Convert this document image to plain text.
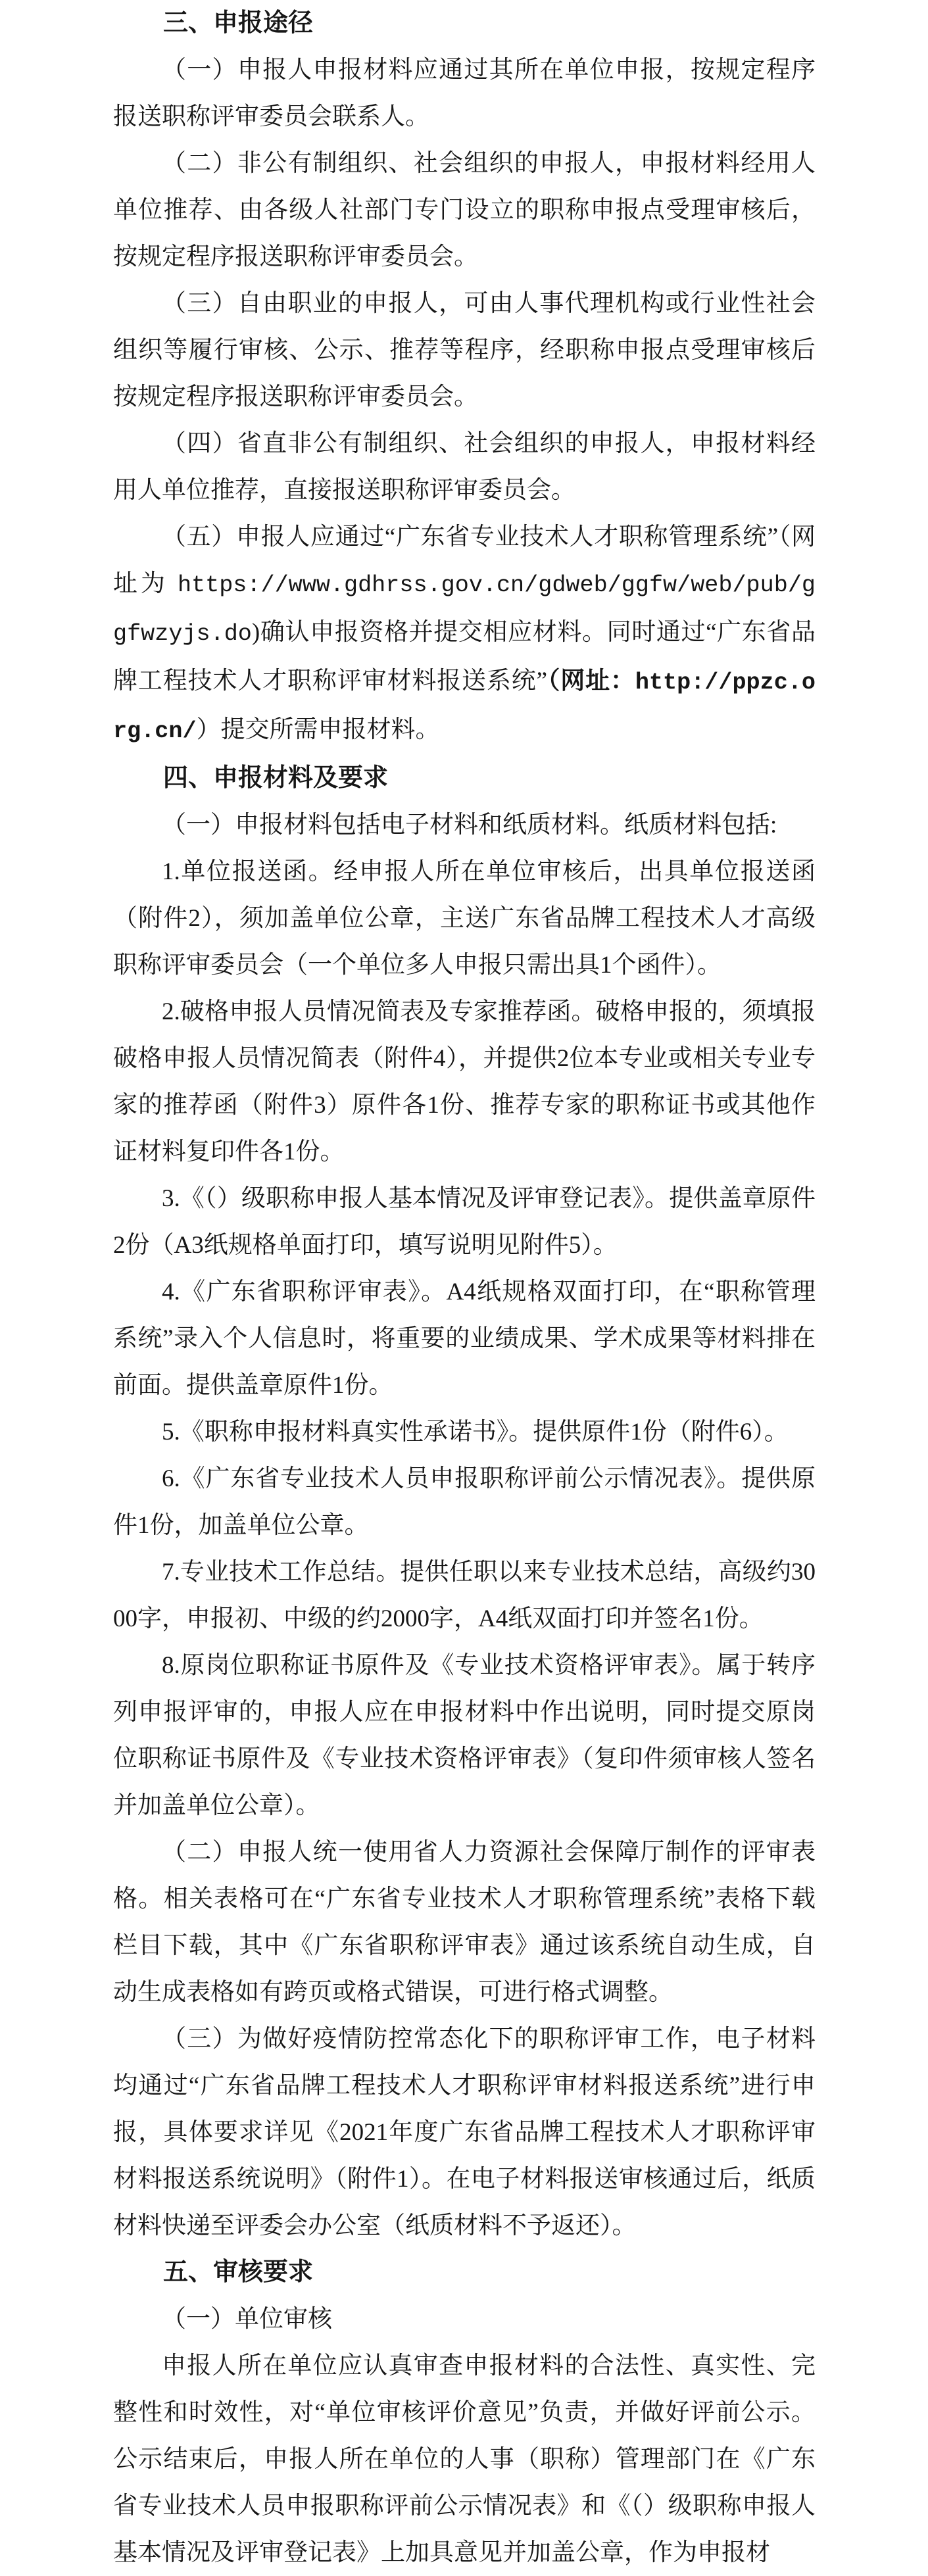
三、申报途径

（一）申报人申报材料应通过其所在单位申报，按规定程序报送职称评审委员会联系人。

（二）非公有制组织、社会组织的申报人，申报材料经用人单位推荐、由各级人社部门专门设立的职称申报点受理审核后，按规定程序报送职称评审委员会。

（三）自由职业的申报人，可由人事代理机构或行业性社会组织等履行审核、公示、推荐等程序，经职称申报点受理审核后按规定程序报送职称评审委员会。

（四）省直非公有制组织、社会组织的申报人，申报材料经用人单位推荐，直接报送职称评审委员会。

（五）申报人应通过“广东省专业技术人才职称管理系统”（网址为 https://www.gdhrss.gov.cn/gdweb/ggfw/web/pub/ggfwzyjs.do)确认申报资格并提交相应材料。同时通过“广东省品牌工程技术人才职称评审材料报送系统”（网址：http://ppzc.org.cn/）提交所需申报材料。

四、申报材料及要求

（一）申报材料包括电子材料和纸质材料。纸质材料包括:

1.单位报送函。经申报人所在单位审核后，出具单位报送函（附件2），须加盖单位公章，主送广东省品牌工程技术人才高级职称评审委员会（一个单位多人申报只需出具1个函件）。

2.破格申报人员情况简表及专家推荐函。破格申报的，须填报破格申报人员情况简表（附件4），并提供2位本专业或相关专业专家的推荐函（附件3）原件各1份、推荐专家的职称证书或其他作证材料复印件各1份。

3.《（）级职称申报人基本情况及评审登记表》。提供盖章原件2份（A3纸规格单面打印，填写说明见附件5）。

4.《广东省职称评审表》。A4纸规格双面打印，在“职称管理系统”录入个人信息时，将重要的业绩成果、学术成果等材料排在前面。提供盖章原件1份。

5.《职称申报材料真实性承诺书》。提供原件1份（附件6）。

6.《广东省专业技术人员申报职称评前公示情况表》。提供原件1份，加盖单位公章。

7.专业技术工作总结。提供任职以来专业技术总结，高级约3000字，申报初、中级的约2000字，A4纸双面打印并签名1份。

8.原岗位职称证书原件及《专业技术资格评审表》。属于转序列申报评审的，申报人应在申报材料中作出说明，同时提交原岗位职称证书原件及《专业技术资格评审表》（复印件须审核人签名并加盖单位公章）。

（二）申报人统一使用省人力资源社会保障厅制作的评审表格。相关表格可在“广东省专业技术人才职称管理系统”表格下载栏目下载，其中《广东省职称评审表》通过该系统自动生成，自动生成表格如有跨页或格式错误，可进行格式调整。

（三）为做好疫情防控常态化下的职称评审工作，电子材料均通过“广东省品牌工程技术人才职称评审材料报送系统”进行申报，具体要求详见《2021年度广东省品牌工程技术人才职称评审材料报送系统说明》（附件1）。在电子材料报送审核通过后，纸质材料快递至评委会办公室（纸质材料不予返还）。

五、审核要求

（一）单位审核

申报人所在单位应认真审查申报材料的合法性、真实性、完整性和时效性，对“单位审核评价意见”负责，并做好评前公示。公示结束后，申报人所在单位的人事（职称）管理部门在《广东省专业技术人员申报职称评前公示情况表》和《（）级职称申报人基本情况及评审登记表》上加具意见并加盖公章，作为申报材
